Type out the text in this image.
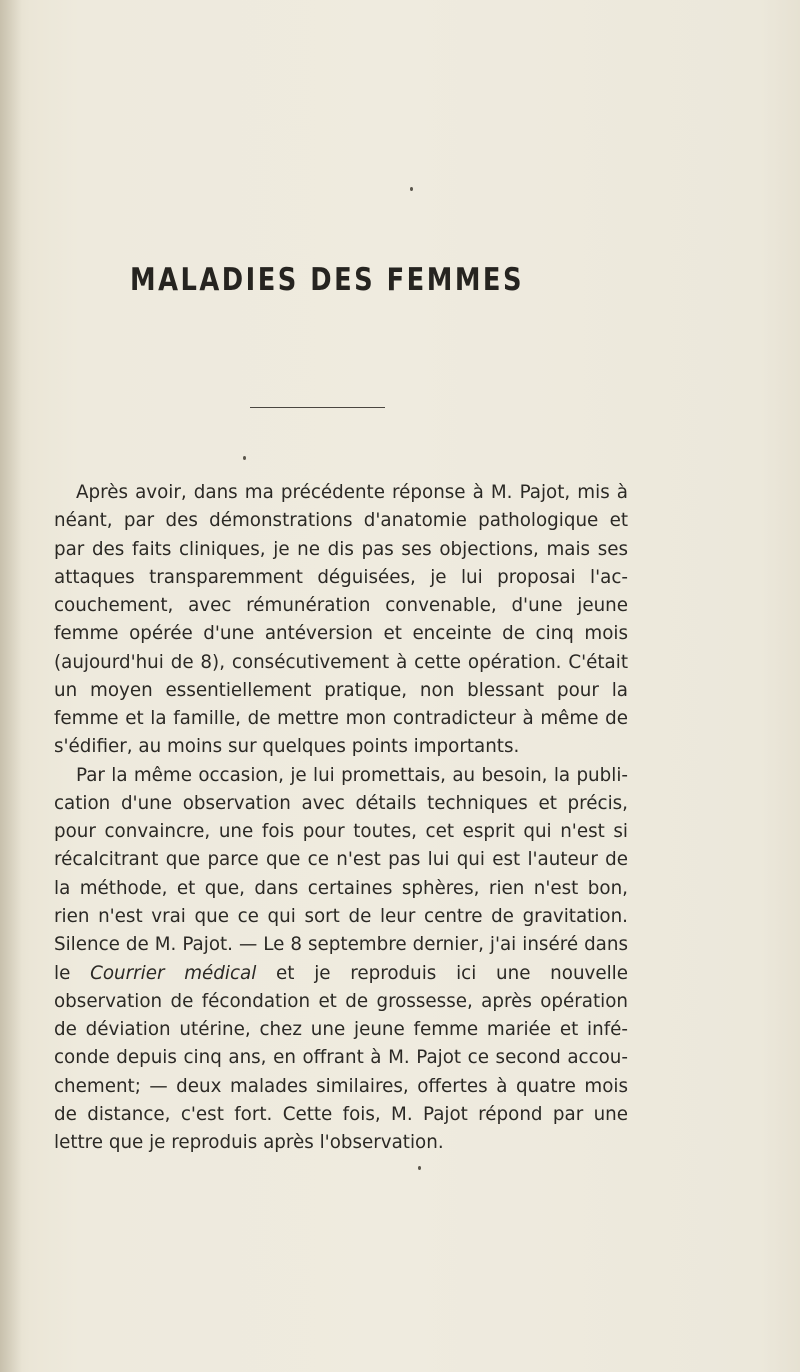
MALADIES DES FEMMES

Après avoir, dans ma précédente réponse à M. Pajot, mis à néant, par des démonstrations d'anatomie pathologique et par des faits cliniques, je ne dis pas ses objections, mais ses attaques transparemment déguisées, je lui proposai l'ac- couchement, avec rémunération convenable, d'une jeune femme opérée d'une antéversion et enceinte de cinq mois (aujourd'hui de 8), consécutivement à cette opération. C'était un moyen essentiellement pratique, non blessant pour la femme et la famille, de mettre mon contradicteur à même de s'édifier, au moins sur quelques points importants.

Par la même occasion, je lui promettais, au besoin, la publi- cation d'une observation avec détails techniques et précis, pour convaincre, une fois pour toutes, cet esprit qui n'est si récalcitrant que parce que ce n'est pas lui qui est l'auteur de la méthode, et que, dans certaines sphères, rien n'est bon, rien n'est vrai que ce qui sort de leur centre de gravitation. Silence de M. Pajot. — Le 8 septembre dernier, j'ai inséré dans le Courrier médical et je reproduis ici une nouvelle observation de fécondation et de grossesse, après opération de déviation utérine, chez une jeune femme mariée et infé- conde depuis cinq ans, en offrant à M. Pajot ce second accou- chement; — deux malades similaires, offertes à quatre mois de distance, c'est fort. Cette fois, M. Pajot répond par une lettre que je reproduis après l'observation.
